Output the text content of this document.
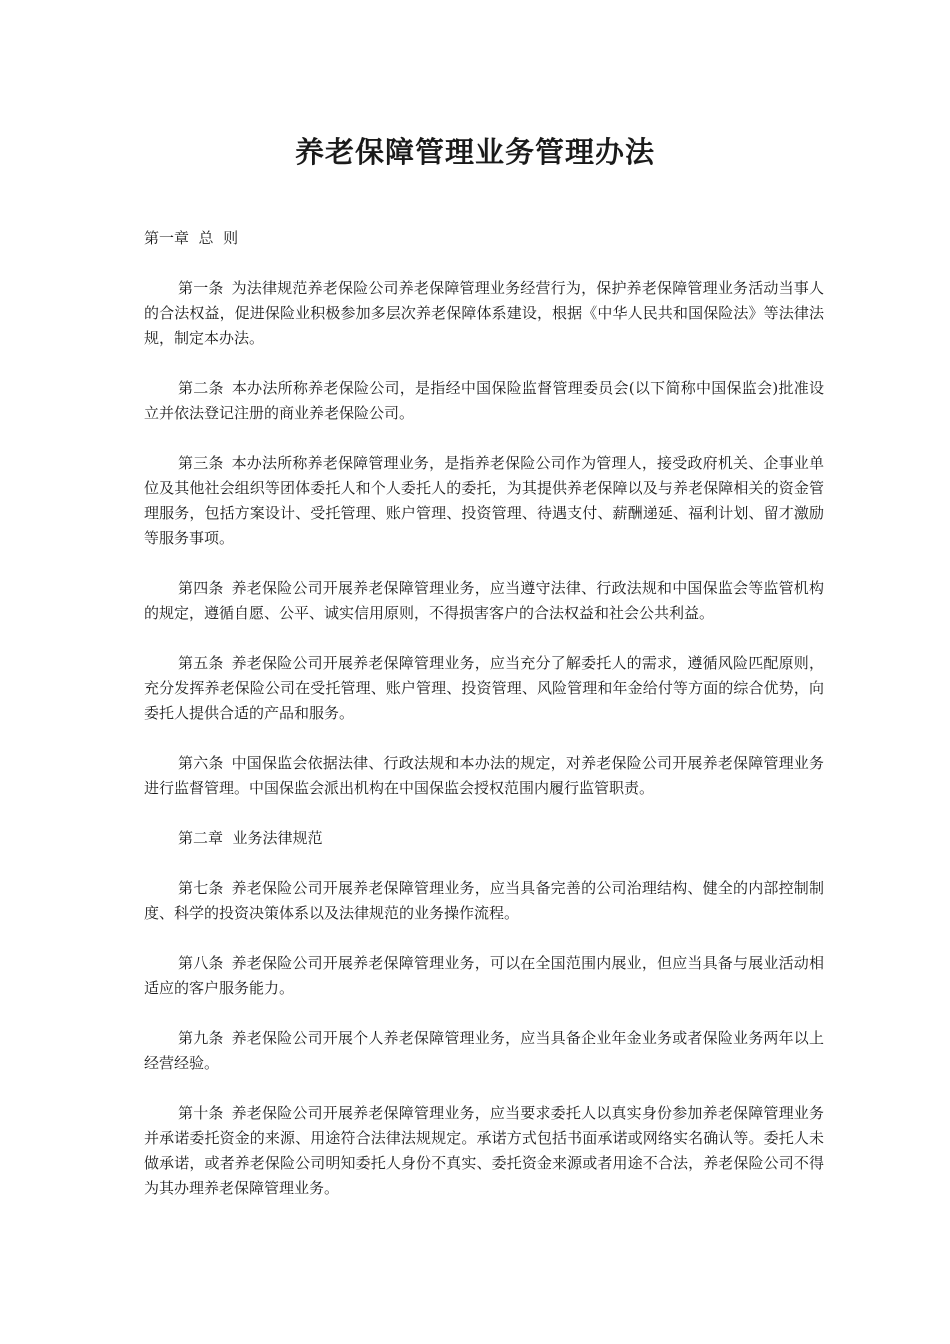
养老保障管理业务管理办法

第一章  总  则

第一条 为法律规范养老保险公司养老保障管理业务经营行为，保护养老保障管理业务活动当事人的合法权益，促进保险业积极参加多层次养老保障体系建设，根据《中华人民共和国保险法》等法律法规，制定本办法。

第二条 本办法所称养老保险公司，是指经中国保险监督管理委员会(以下简称中国保监会)批准设立并依法登记注册的商业养老保险公司。

第三条 本办法所称养老保障管理业务，是指养老保险公司作为管理人，接受政府机关、企事业单位及其他社会组织等团体委托人和个人委托人的委托，为其提供养老保障以及与养老保障相关的资金管理服务，包括方案设计、受托管理、账户管理、投资管理、待遇支付、薪酬递延、福利计划、留才激励等服务事项。

第四条 养老保险公司开展养老保障管理业务，应当遵守法律、行政法规和中国保监会等监管机构的规定，遵循自愿、公平、诚实信用原则，不得损害客户的合法权益和社会公共利益。

第五条 养老保险公司开展养老保障管理业务，应当充分了解委托人的需求，遵循风险匹配原则，充分发挥养老保险公司在受托管理、账户管理、投资管理、风险管理和年金给付等方面的综合优势，向委托人提供合适的产品和服务。

第六条 中国保监会依据法律、行政法规和本办法的规定，对养老保险公司开展养老保障管理业务进行监督管理。中国保监会派出机构在中国保监会授权范围内履行监管职责。

第二章  业务法律规范

第七条 养老保险公司开展养老保障管理业务，应当具备完善的公司治理结构、健全的内部控制制度、科学的投资决策体系以及法律规范的业务操作流程。

第八条 养老保险公司开展养老保障管理业务，可以在全国范围内展业，但应当具备与展业活动相适应的客户服务能力。

第九条 养老保险公司开展个人养老保障管理业务，应当具备企业年金业务或者保险业务两年以上经营经验。

第十条 养老保险公司开展养老保障管理业务，应当要求委托人以真实身份参加养老保障管理业务并承诺委托资金的来源、用途符合法律法规规定。承诺方式包括书面承诺或网络实名确认等。委托人未做承诺，或者养老保险公司明知委托人身份不真实、委托资金来源或者用途不合法，养老保险公司不得为其办理养老保障管理业务。
